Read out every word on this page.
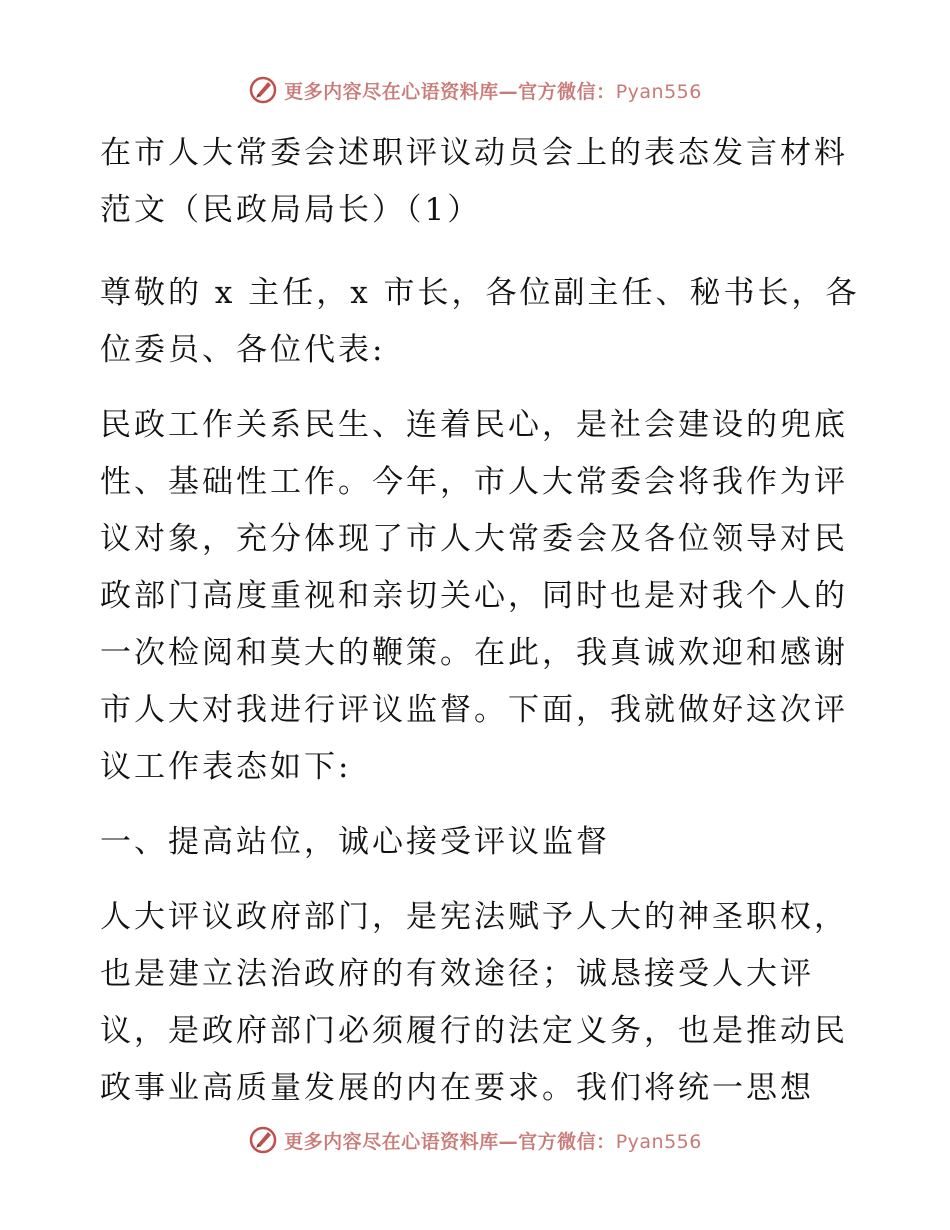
更多内容尽在心语资料库—官方微信：Pyan556

在市人大常委会述职评议动员会上的表态发言材料范文（民政局局长）（1）

尊敬的 x 主任，x 市长，各位副主任、秘书长，各位委员、各位代表:

民政工作关系民生、连着民心，是社会建设的兜底性、基础性工作。今年，市人大常委会将我作为评议对象，充分体现了市人大常委会及各位领导对民政部门高度重视和亲切关心，同时也是对我个人的一次检阅和莫大的鞭策。在此，我真诚欢迎和感谢市人大对我进行评议监督。下面，我就做好这次评议工作表态如下:

一、提高站位，诚心接受评议监督

人大评议政府部门，是宪法赋予人大的神圣职权，也是建立法治政府的有效途径；诚恳接受人大评议，是政府部门必须履行的法定义务，也是推动民政事业高质量发展的内在要求。我们将统一思想

更多内容尽在心语资料库—官方微信：Pyan556
